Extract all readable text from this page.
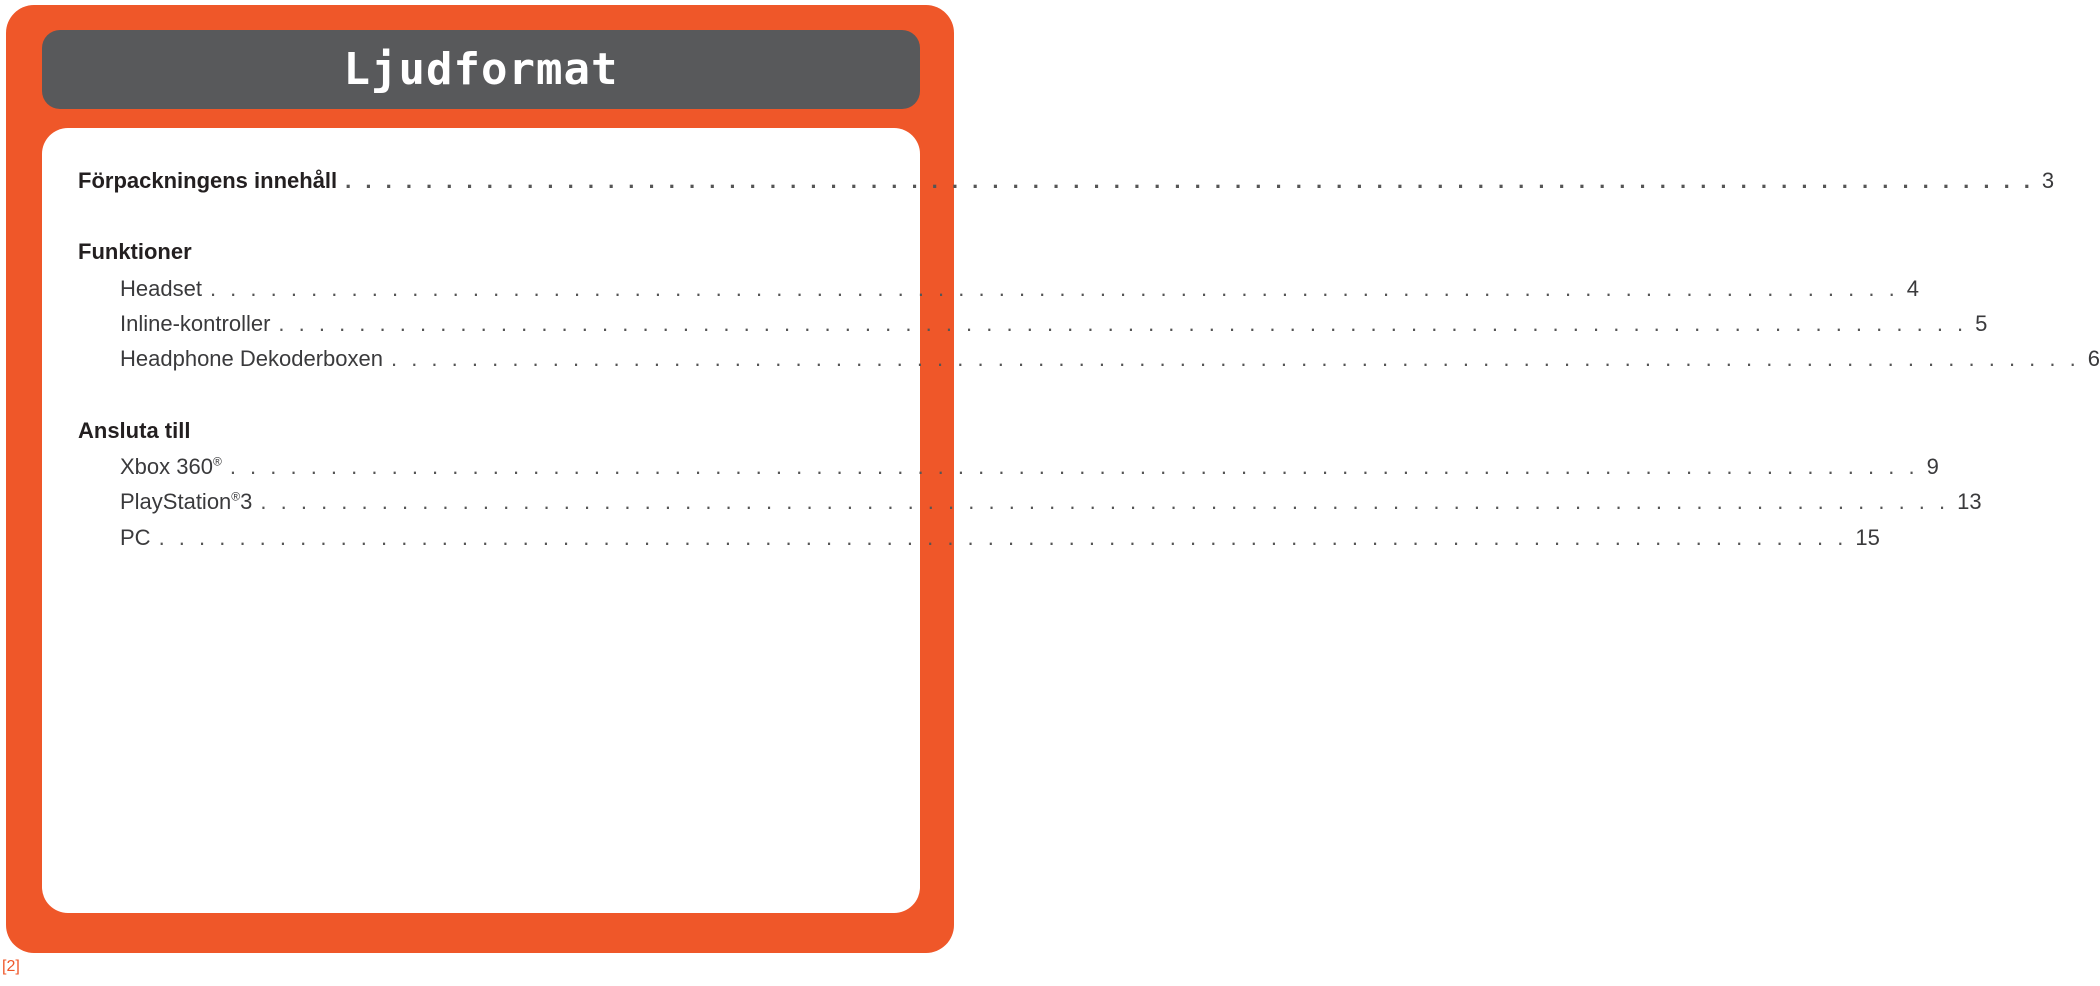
Ljudformat
Förpackningens innehåll . . . . . . . . . . . . . . . . . . . . . . . . . . . . . . . . . . . . . . . . . . . . . . . . . . . . . . . . . . . . . . . . . . . . . . . . . . . . . . . . . . . . 3
Funktioner
Headset . . . . . . . . . . . . . . . . . . . . . . . . . . . . . . . . . . . . . . . . . . . . . . . . . . . . . . . . . . . . . . . . . . . . . . . . . . . . . . . . . . . . 4
Inline-kontroller . . . . . . . . . . . . . . . . . . . . . . . . . . . . . . . . . . . . . . . . . . . . . . . . . . . . . . . . . . . . . . . . . . . . . . . . . . . . . . . . . . . . 5
Headphone Dekoderboxen . . . . . . . . . . . . . . . . . . . . . . . . . . . . . . . . . . . . . . . . . . . . . . . . . . . . . . . . . . . . . . . . . . . . . . . . . . . . . . . . . . . . 6
Ansluta till
Xbox 360® . . . . . . . . . . . . . . . . . . . . . . . . . . . . . . . . . . . . . . . . . . . . . . . . . . . . . . . . . . . . . . . . . . . . . . . . . . . . . . . . . . . . 9
PlayStation®3 . . . . . . . . . . . . . . . . . . . . . . . . . . . . . . . . . . . . . . . . . . . . . . . . . . . . . . . . . . . . . . . . . . . . . . . . . . . . . . . . . . . . 13
PC . . . . . . . . . . . . . . . . . . . . . . . . . . . . . . . . . . . . . . . . . . . . . . . . . . . . . . . . . . . . . . . . . . . . . . . . . . . . . . . . . . . . 15
[2]
